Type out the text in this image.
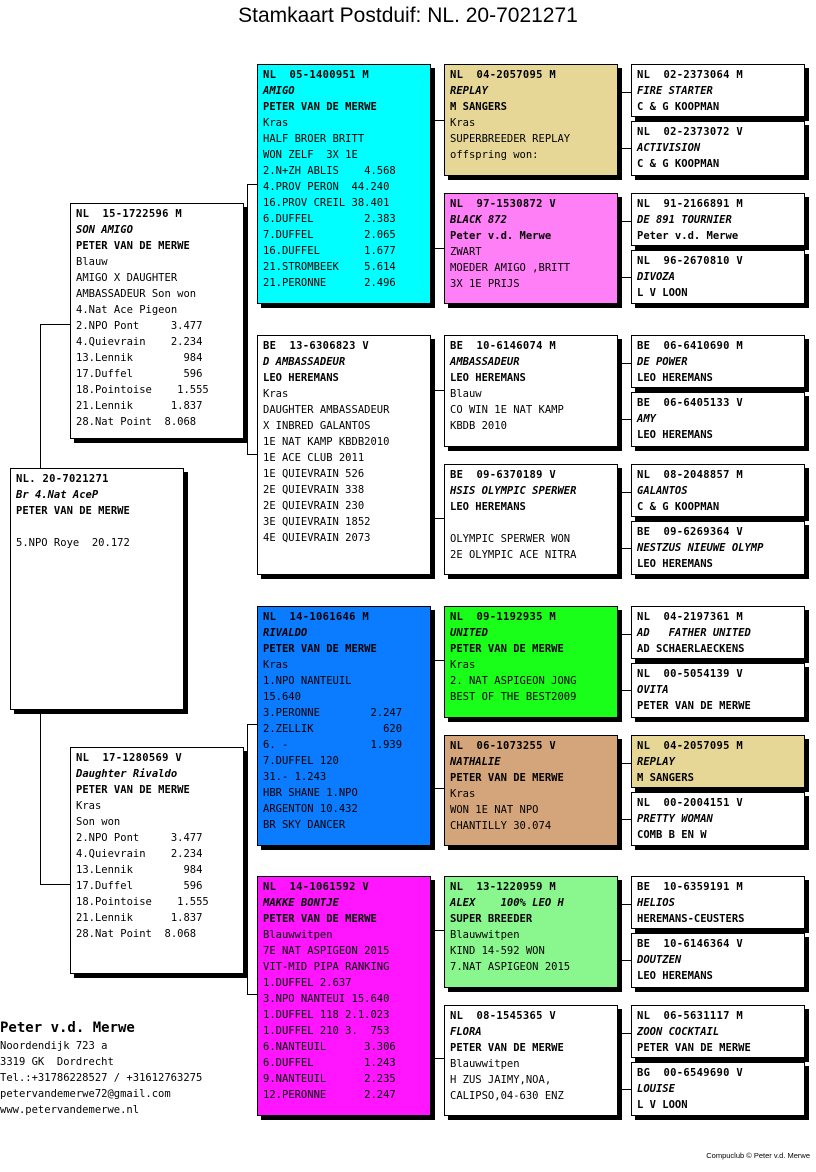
Stamkaart Postduif: NL. 20-7021271
NL. 20-7021271
Br 4.Nat AceP
PETER VAN DE MERWE
5.NPO Roye  20.172
NL  15-1722596 M
SON AMIGO
PETER VAN DE MERWE
Blauw
AMIGO X DAUGHTER
AMBASSADEUR Son won
4.Nat Ace Pigeon
2.NPO Pont     3.477
4.Quievrain    2.234
13.Lennik        984
17.Duffel        596
18.Pointoise    1.555
21.Lennik      1.837
28.Nat Point  8.068
NL  17-1280569 V
Daughter Rivaldo
PETER VAN DE MERWE
Kras
Son won
2.NPO Pont     3.477
4.Quievrain    2.234
13.Lennik        984
17.Duffel        596
18.Pointoise    1.555
21.Lennik      1.837
28.Nat Point  8.068
NL  05-1400951 M
AMIGO
PETER VAN DE MERWE
Kras
HALF BROER BRITT
WON ZELF  3X 1E
2.N+ZH ABLIS    4.568
4.PROV PERON  44.240
16.PROV CREIL 38.401
6.DUFFEL        2.383
7.DUFFEL        2.065
16.DUFFEL       1.677
21.STROMBEEK    5.614
21.PERONNE      2.496
BE  13-6306823 V
D AMBASSADEUR
LEO HEREMANS
Kras
DAUGHTER AMBASSADEUR
X INBRED GALANTOS
1E NAT KAMP KBDB2010
1E ACE CLUB 2011
1E QUIEVRAIN 526
2E QUIEVRAIN 338
2E QUIEVRAIN 230
3E QUIEVRAIN 1852
4E QUIEVRAIN 2073
NL  14-1061646 M
RIVALDO
PETER VAN DE MERWE
Kras
1.NPO NANTEUIL
15.640
3.PERONNE        2.247
2.ZELLIK           620
6. -             1.939
7.DUFFEL 120
31.- 1.243
HBR SHANE 1.NPO
ARGENTON 10.432
BR SKY DANCER
NL  14-1061592 V
MAKKE BONTJE
PETER VAN DE MERWE
Blauwwitpen
7E NAT ASPIGEON 2015
VIT-MID PIPA RANKING
1.DUFFEL 2.637
3.NPO NANTEUI 15.640
1.DUFFEL 118 2.1.023
1.DUFFEL 210 3.  753
6.NANTEUIL      3.306
6.DUFFEL        1.243
9.NANTEUIL      2.235
12.PERONNE      2.247
NL  04-2057095 M
REPLAY
M SANGERS
Kras
SUPERBREEDER REPLAY
offspring won:
NL  97-1530872 V
BLACK 872
Peter v.d. Merwe
ZWART
MOEDER AMIGO ,BRITT
3X 1E PRIJS
BE  10-6146074 M
AMBASSADEUR
LEO HEREMANS
Blauw
CO WIN 1E NAT KAMP
KBDB 2010
BE  09-6370189 V
HSIS OLYMPIC SPERWER
LEO HEREMANS
OLYMPIC SPERWER WON
2E OLYMPIC ACE NITRA
NL  09-1192935 M
UNITED
PETER VAN DE MERWE
Kras
2. NAT ASPIGEON JONG
BEST OF THE BEST2009
NL  06-1073255 V
NATHALIE
PETER VAN DE MERWE
Kras
WON 1E NAT NPO
CHANTILLY 30.074
NL  13-1220959 M
ALEX    100% LEO H
SUPER BREEDER
Blauwwitpen
KIND 14-592 WON
7.NAT ASPIGEON 2015
NL  08-1545365 V
FLORA
PETER VAN DE MERWE
Blauwwitpen
H ZUS JAIMY,NOA,
CALIPSO,04-630 ENZ
NL  02-2373064 M
FIRE STARTER
C & G KOOPMAN
NL  02-2373072 V
ACTIVISION
C & G KOOPMAN
NL  91-2166891 M
DE 891 TOURNIER
Peter v.d. Merwe
NL  96-2670810 V
DIVOZA
L V LOON
BE  06-6410690 M
DE POWER
LEO HEREMANS
BE  06-6405133 V
AMY
LEO HEREMANS
NL  08-2048857 M
GALANTOS
C & G KOOPMAN
BE  09-6269364 V
NESTZUS NIEUWE OLYMP
LEO HEREMANS
NL  04-2197361 M
AD   FATHER UNITED
AD SCHAERLAECKENS
NL  00-5054139 V
OVITA
PETER VAN DE MERWE
NL  04-2057095 M
REPLAY
M SANGERS
NL  00-2004151 V
PRETTY WOMAN
COMB B EN W
BE  10-6359191 M
HELIOS
HEREMANS-CEUSTERS
BE  10-6146364 V
DOUTZEN
LEO HEREMANS
NL  06-5631117 M
ZOON COCKTAIL
PETER VAN DE MERWE
BG  00-6549690 V
LOUISE
L V LOON
Peter v.d. Merwe
Noordendijk 723 a
3319 GK  Dordrecht
Tel.:+31786228527 / +31612763275
petervandemerwe72@gmail.com
www.petervandemerwe.nl
Compuclub © Peter v.d. Merwe
